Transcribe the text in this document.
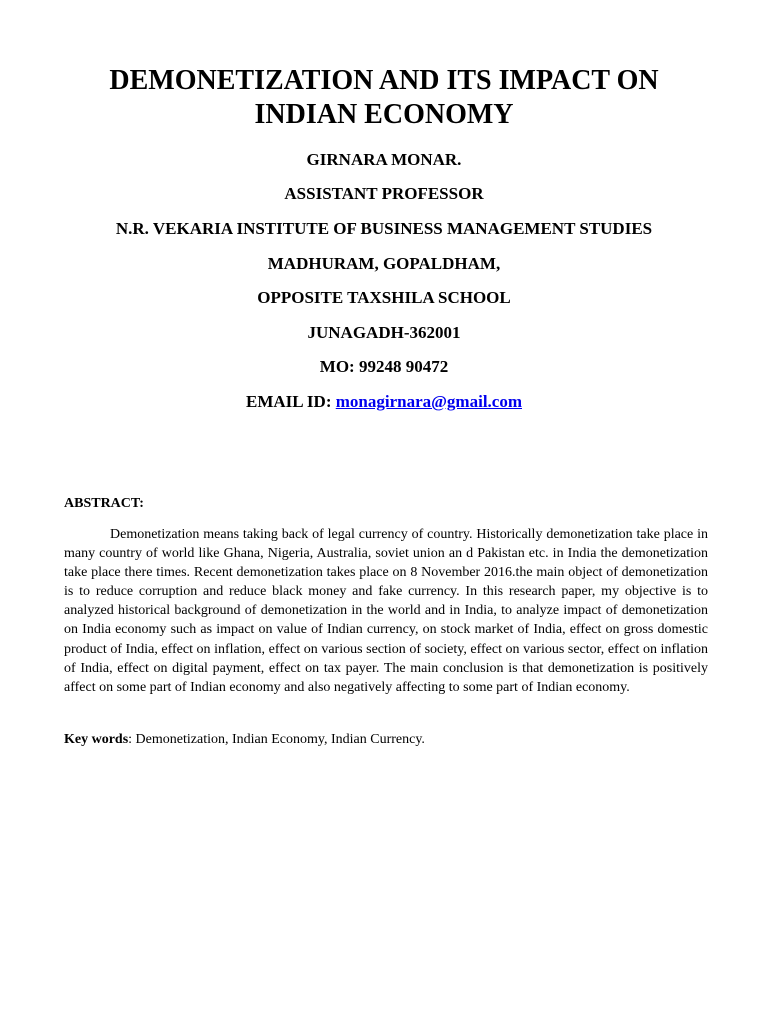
DEMONETIZATION AND ITS IMPACT ON
INDIAN ECONOMY

GIRNARA MONAR.

ASSISTANT PROFESSOR

N.R. VEKARIA INSTITUTE OF BUSINESS MANAGEMENT STUDIES

MADHURAM, GOPALDHAM,

OPPOSITE TAXSHILA SCHOOL

JUNAGADH-362001

MO: 99248 90472

EMAIL ID: monagirnara@gmail.com

ABSTRACT:

Demonetization means taking back of legal currency of country. Historically demonetization take place in many country of world like Ghana, Nigeria, Australia, soviet union an d Pakistan etc. in India the demonetization take place there times. Recent demonetization takes place on 8 November 2016.the main object of demonetization is to reduce corruption and reduce black money and fake currency. In this research paper, my objective is to analyzed historical background of demonetization in the world and in India, to analyze impact of demonetization on India economy such as impact on value of Indian currency, on stock market of India, effect on gross domestic product of India, effect on inflation, effect on various section of society, effect on various sector, effect on inflation of India, effect on digital payment, effect on tax payer. The main conclusion is that demonetization is positively affect on some part of Indian economy and also negatively affecting to some part of Indian economy.

Key words: Demonetization, Indian Economy, Indian Currency.
